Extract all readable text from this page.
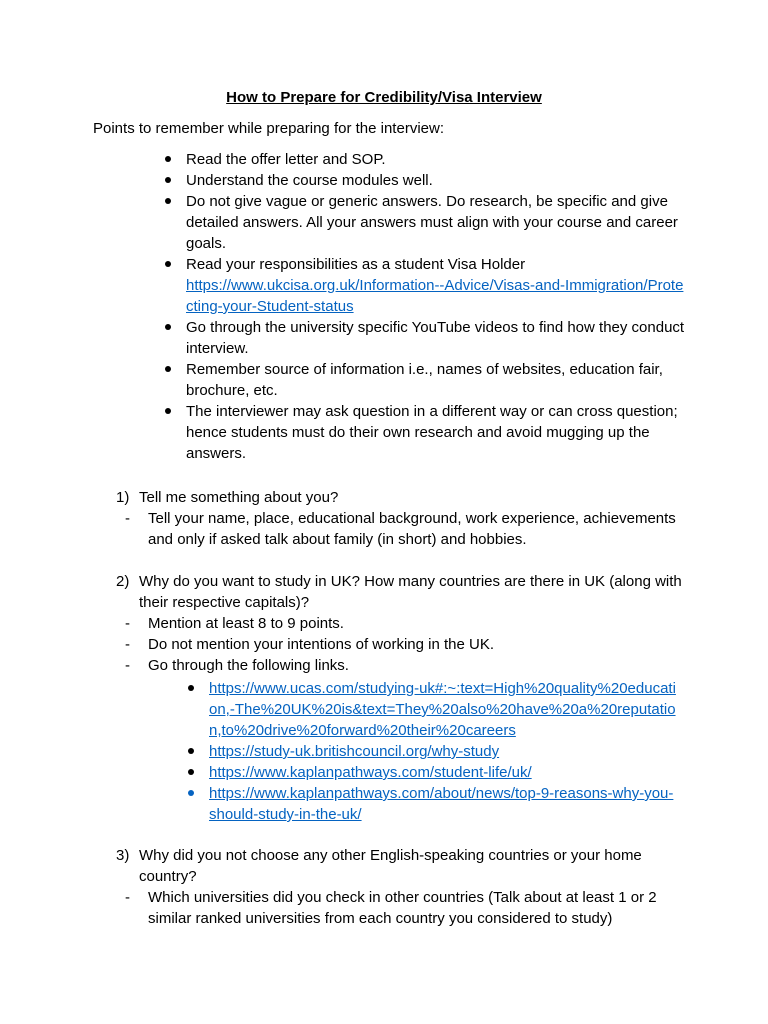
How to Prepare for Credibility/Visa Interview
Points to remember while preparing for the interview:
Read the offer letter and SOP.
Understand the course modules well.
Do not give vague or generic answers. Do research, be specific and give detailed answers. All your answers must align with your course and career goals.
Read your responsibilities as a student Visa Holder
https://www.ukcisa.org.uk/Information--Advice/Visas-and-Immigration/Protecting-your-Student-status
Go through the university specific YouTube videos to find how they conduct interview.
Remember source of information i.e., names of websites, education fair, brochure, etc.
The interviewer may ask question in a different way or can cross question; hence students must do their own research and avoid mugging up the answers.
1) Tell me something about you?
- Tell your name, place, educational background, work experience, achievements and only if asked talk about family (in short) and hobbies.
2) Why do you want to study in UK? How many countries are there in UK (along with their respective capitals)?
- Mention at least 8 to 9 points.
- Do not mention your intentions of working in the UK.
- Go through the following links.
https://www.ucas.com/studying-uk#:~:text=High%20quality%20education,-The%20UK%20is&text=They%20also%20have%20a%20reputation,to%20drive%20forward%20their%20careers
https://study-uk.britishcouncil.org/why-study
https://www.kaplanpathways.com/student-life/uk/
https://www.kaplanpathways.com/about/news/top-9-reasons-why-you-should-study-in-the-uk/
3) Why did you not choose any other English-speaking countries or your home country?
- Which universities did you check in other countries (Talk about at least 1 or 2 similar ranked universities from each country you considered to study)
